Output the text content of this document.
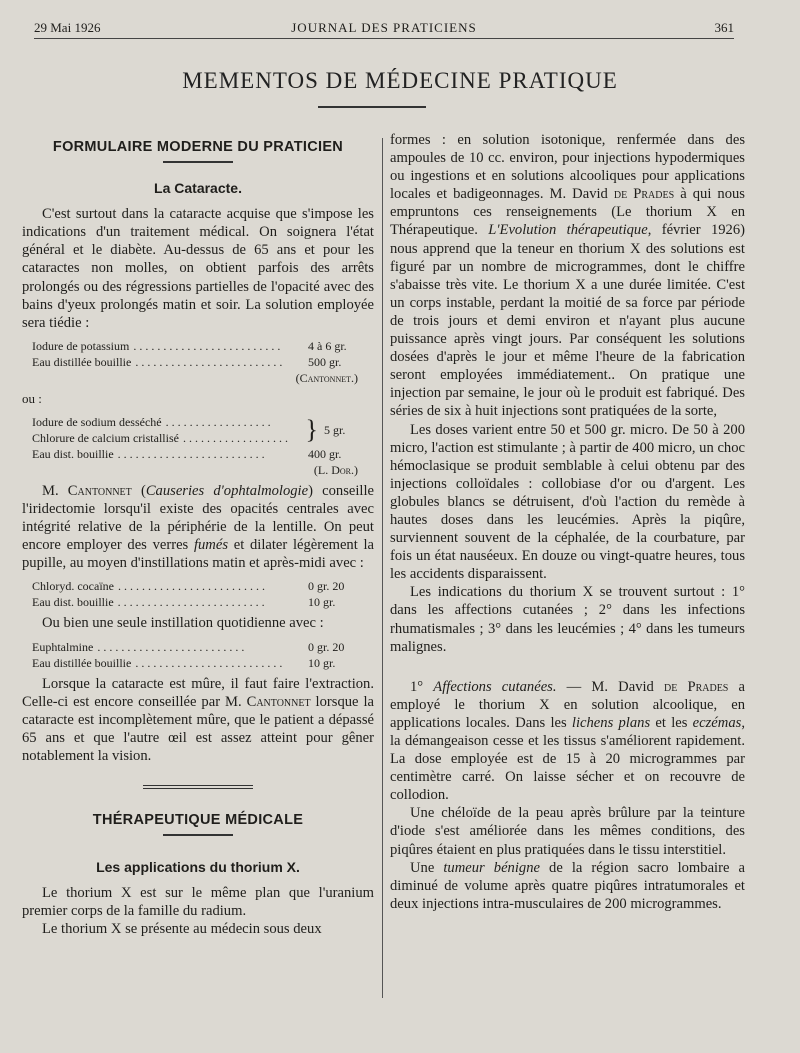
29 Mai 1926	JOURNAL DES PRATICIENS	361
MEMENTOS DE MÉDECINE PRATIQUE
FORMULAIRE MODERNE DU PRATICIEN
La Cataracte.

C'est surtout dans la cataracte acquise que s'impose les indications d'un traitement médical. On soignera l'état général et le diabète. Au-dessus de 65 ans et pour les cataractes non molles, on obtient parfois des arrêts prolongés ou des régressions partielles de l'opacité avec des bains d'yeux prolongés matin et soir. La solution employée sera tiédie :

Iodure de potassium .........................	4 à 6 gr.
Eau distillée bouillie .........................	500 gr.
(Cantonnet.)
ou :
Iodure de sodium desséché ..................
Chlorure de calcium cristallisé .................. } 5 gr.
Eau dist. bouillie .........................	400 gr.
(L. Dor.)

M. Cantonnet (Causeries d'ophtalmologie) conseille l'iridectomie lorsqu'il existe des opacités centrales avec intégrité relative de la périphérie de la lentille. On peut encore employer des verres fumés et dilater légèrement la pupille, au moyen d'instillations matin et après-midi avec :

Chloryd. cocaïne .........................	0 gr. 20
Eau dist. bouillie .........................	10 gr.

Ou bien une seule instillation quotidienne avec :

Euphtalmine .........................	0 gr. 20
Eau distillée bouillie .........................	10 gr.

Lorsque la cataracte est mûre, il faut faire l'extraction. Celle-ci est encore conseillée par M. Cantonnet lorsque la cataracte est incomplètement mûre, que le patient a dépassé 65 ans et que l'autre œil est assez atteint pour gêner notablement la vision.

THÉRAPEUTIQUE MÉDICALE
Les applications du thorium X.

Le thorium X est sur le même plan que l'uranium premier corps de la famille du radium.

Le thorium X se présente au médecin sous deux

formes : en solution isotonique, renfermée dans des ampoules de 10 cc. environ, pour injections hypodermiques ou ingestions et en solutions alcooliques pour applications locales et badigeonnages. M. David de Prades à qui nous empruntons ces renseignements (Le thorium X en Thérapeutique. L'Evolution thérapeutique, février 1926) nous apprend que la teneur en thorium X des solutions est figuré par un nombre de microgrammes, dont le chiffre s'abaisse très vite. Le thorium X a une durée limitée. C'est un corps instable, perdant la moitié de sa force par période de trois jours et demi environ et n'ayant plus aucune puissance après vingt jours. Par conséquent les solutions dosées d'après le jour et même l'heure de la fabrication seront employées immédiatement.. On pratique une injection par semaine, le jour où le produit est fabriqué. Des séries de six à huit injections sont pratiquées de la sorte,

Les doses varient entre 50 et 500 gr. micro. De 50 à 200 micro, l'action est stimulante ; à partir de 400 micro, un choc hémoclasique se produit semblable à celui obtenu par des injections colloïdales : collobiase d'or ou d'argent. Les globules blancs se détruisent, d'où l'action du remède à hautes doses dans les leucémies. Après la piqûre, surviennent souvent de la céphalée, de la courbature, par fois un état nauséeux. En douze ou vingt-quatre heures, tous les accidents disparaissent.

Les indications du thorium X se trouvent surtout : 1° dans les affections cutanées ; 2° dans les infections rhumatismales ; 3° dans les leucémies ; 4° dans les tumeurs malignes.

1° Affections cutanées. — M. David de Prades a employé le thorium X en solution alcoolique, en applications locales. Dans les lichens plans et les eczémas, la démangeaison cesse et les tissus s'améliorent rapidement. La dose employée est de 15 à 20 microgrammes par centimètre carré. On laisse sécher et on recouvre de collodion.

Une chéloïde de la peau après brûlure par la teinture d'iode s'est améliorée dans les mêmes conditions, des piqûres étaient en plus pratiquées dans le tissu interstitiel.

Une tumeur bénigne de la région sacro lombaire a diminué de volume après quatre piqûres intratumorales et deux injections intra-musculaires de 200 microgrammes.
